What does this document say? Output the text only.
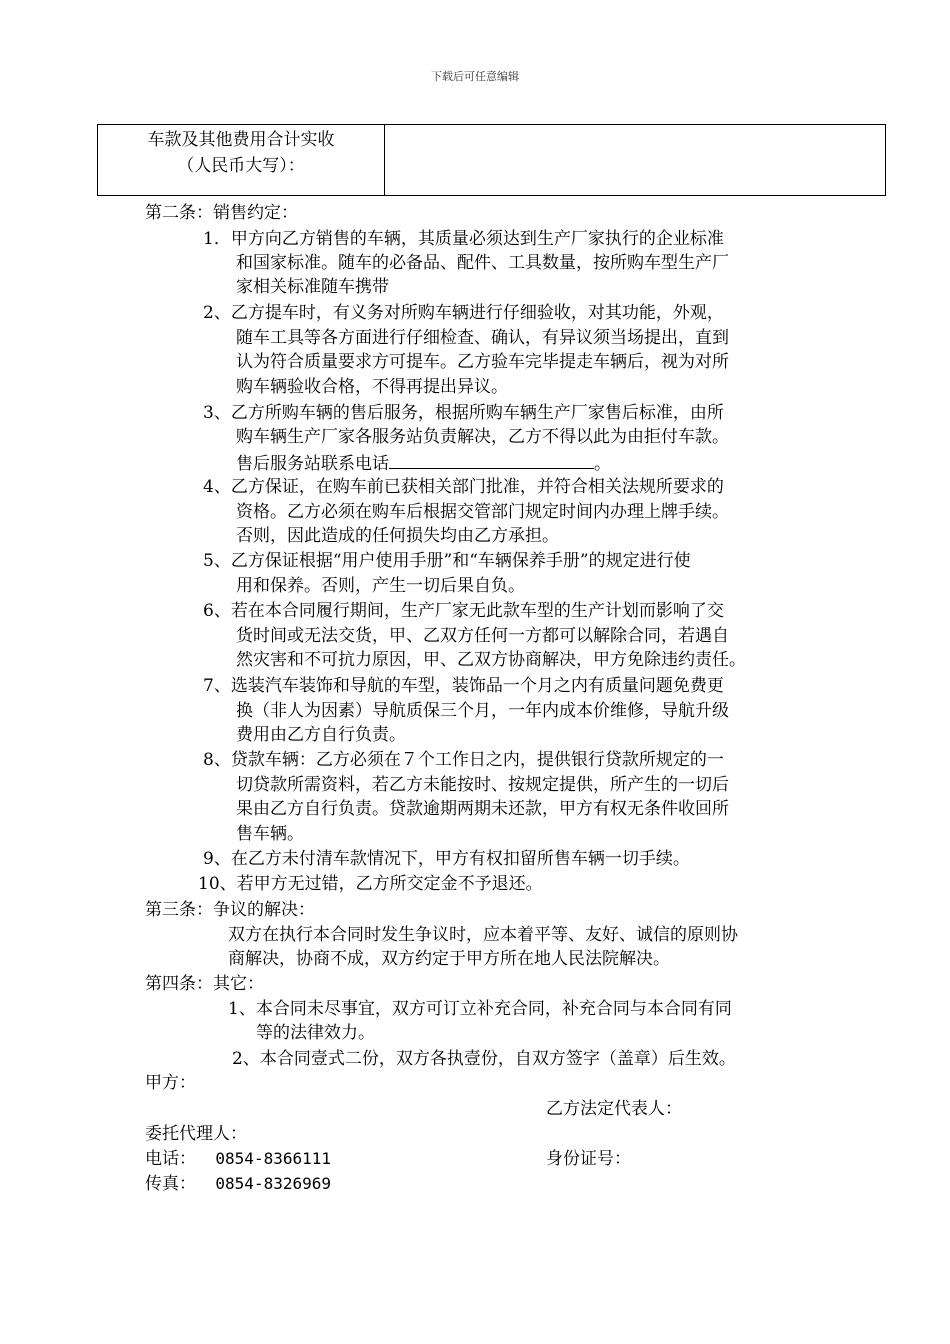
下载后可任意编辑
车款及其他费用合计实收
（人民币大写）：
第二条：销售约定：
1．甲方向乙方销售的车辆，其质量必须达到生产厂家执行的企业标准
和国家标准。随车的必备品、配件、工具数量，按所购车型生产厂
家相关标准随车携带
2、乙方提车时，有义务对所购车辆进行仔细验收，对其功能，外观，
随车工具等各方面进行仔细检查、确认，有异议须当场提出，直到
认为符合质量要求方可提车。乙方验车完毕提走车辆后，视为对所
购车辆验收合格，不得再提出异议。
3、乙方所购车辆的售后服务，根据所购车辆生产厂家售后标准，由所
购车辆生产厂家各服务站负责解决，乙方不得以此为由拒付车款。
售后服务站联系电话	。
4、乙方保证，在购车前已获相关部门批准，并符合相关法规所要求的
资格。乙方必须在购车后根据交管部门规定时间内办理上牌手续。
否则，因此造成的任何损失均由乙方承担。
5、乙方保证根据“用户使用手册”和“车辆保养手册”的规定进行使
用和保养。否则，产生一切后果自负。
6、若在本合同履行期间，生产厂家无此款车型的生产计划而影响了交
货时间或无法交货，甲、乙双方任何一方都可以解除合同，若遇自
然灾害和不可抗力原因，甲、乙双方协商解决，甲方免除违约责任。
7、选装汽车装饰和导航的车型，装饰品一个月之内有质量问题免费更
换（非人为因素）导航质保三个月，一年内成本价维修，导航升级
费用由乙方自行负责。
8、贷款车辆：乙方必须在７个工作日之内，提供银行贷款所规定的一
切贷款所需资料，若乙方未能按时、按规定提供，所产生的一切后
果由乙方自行负责。贷款逾期两期未还款，甲方有权无条件收回所
售车辆。
9、在乙方未付清车款情况下，甲方有权扣留所售车辆一切手续。
10、若甲方无过错，乙方所交定金不予退还。
第三条：争议的解决：
双方在执行本合同时发生争议时，应本着平等、友好、诚信的原则协
商解决，协商不成，双方约定于甲方所在地人民法院解决。
第四条：其它：
1、本合同未尽事宜，双方可订立补充合同，补充合同与本合同有同
等的法律效力。
2、本合同壹式二份，双方各执壹份，自双方签字（盖章）后生效。
甲方：
乙方法定代表人：
委托代理人：
电话： 0854-8366111	身份证号：
传真： 0854-8326969
